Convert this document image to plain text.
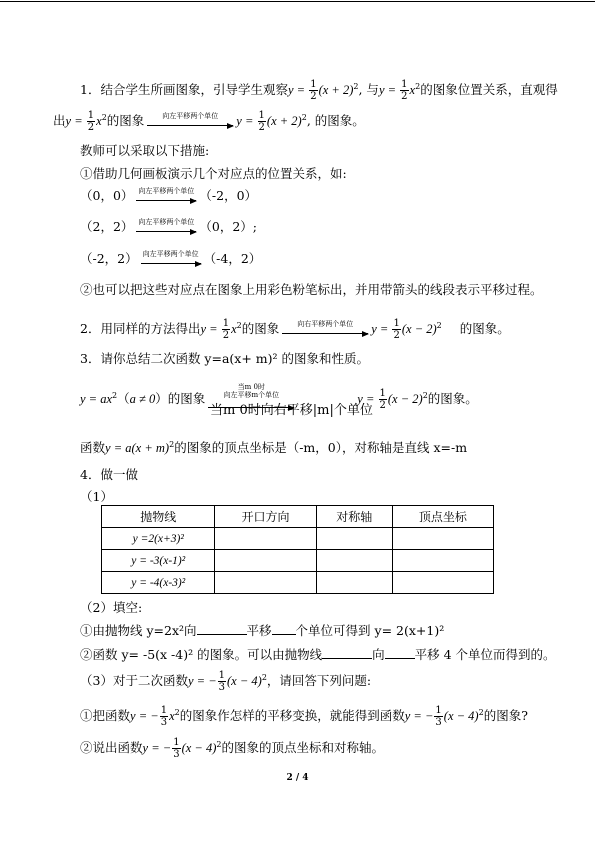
1．结合学生所画图象，引导学生观察$y = \frac{1}{2} (x + 2)^2$, 与$y = \frac{1}{2} x^2$的图象位置关系，直观得
出$y = \frac{1}{2} x^2$的图象	向左平移两个单位	$y = \frac{1}{2} (x + 2)^2$, 的图象。
教师可以采取以下措施:
①借助几何画板演示几个对应点的位置关系，如:
（0，0） 向左平移两个单位 （-2，0）
（2，2） 向左平移两个单位 （0，2）;
（-2，2） 向左平移两个单位 （-4，2）
②也可以把这些对应点在图象上用彩色粉笔标出，并用带箭头的线段表示平移过程。
2．用同样的方法得出$y = \frac{1}{2} x^2$的图象	向右平移两个单位	$y = \frac{1}{2} (x - 2)^2$ 的图象。
3．请你总结二次函数 y=a(x+ m)² 的图象和性质。
$y = ax^2(a \ne 0)$的图象
当m 0时
向左平移m个单位	$y = \frac{1}{2} (x - 2)^2$的图象。
当m 0时向右平移|m|个单位
函数$y = a(x + m)^2$的图象的顶点坐标是（-m，0），对称轴是直线 x=-m
4．做一做
（1）
抛物线	开口方向	对称轴	顶点坐标
y =2(x+3)²			
y = -3(x-1)²			
y = -4(x-3)²			
（2）填空:
①由抛物线 y=2x²向	平移 个单位可得到 y= 2(x+1)²
②函数 y= -5(x -4)² 的图象。可以由抛物线	向 平移 4 个单位而得到的。
（3）对于二次函数y = − $\frac{1}{3} (x - 4)^2$，请回答下列问题:
①把函数y = − $\frac{1}{3} x^2$的图象作怎样的平移变换，就能得到函数y = − $\frac{1}{3} (x - 4)^2$的图象?
②说出函数y = − $\frac{1}{3} (x - 4)^2$的图象的顶点坐标和对称轴。
2 / 4
